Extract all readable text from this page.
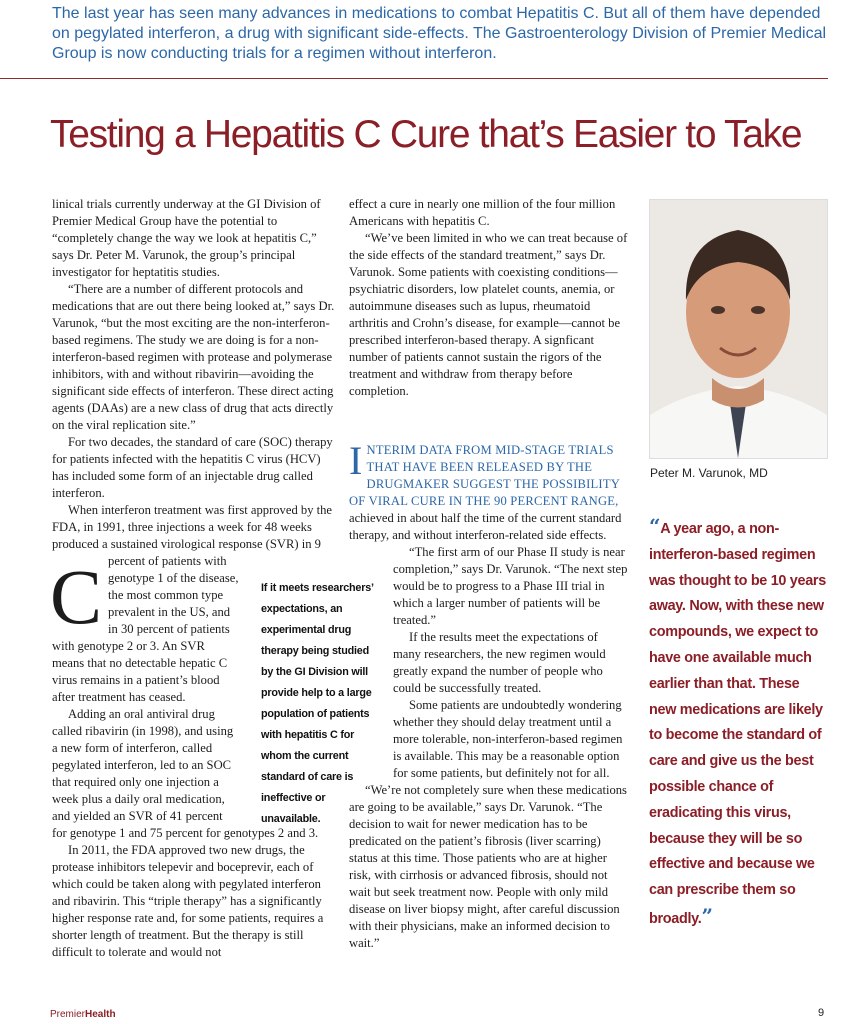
The last year has seen many advances in medications to combat Hepatitis C. But all of them have depended on pegylated interferon, a drug with significant side-effects. The Gastroenterology Division of Premier Medical Group is now conducting trials for a regimen without interferon.
Testing a Hepatitis C Cure that’s Easier to Take

C
linical trials currently underway at the GI Division of Premier Medical Group have the potential to “completely change the way we look at hepatitis C,” says Dr. Peter M. Varunok, the group’s principal investigator for heptatitis studies.

“There are a number of different protocols and medications that are out there being looked at,” says Dr. Varunok, “but the most exciting are the non-interferon-based regimens. The study we are doing is for a non-interferon-based regimen with protease and polymerase inhibitors, with and without ribavirin—avoiding the significant side effects of interferon. These direct acting agents (DAAs) are a new class of drug that acts directly on the viral replication site.”

For two decades, the standard of care (SOC) therapy for patients infected with the hepatitis C virus (HCV) has included some form of an injectable drug called interferon.

When interferon treatment was first approved by the FDA, in 1991, three injections a week for 48 weeks produced a sustained virological response (SVR) in 9 percent of patients with genotype 1 of the disease, the most common type prevalent in the US, and in 30 percent of patients with genotype 2 or 3. An SVR means that no detectable hepatic C virus remains in a patient’s blood after treatment has ceased.

Adding an oral antiviral drug called ribavirin (in 1998), and using a new form of interferon, called pegylated interferon, led to an SOC that required only one injection a week plus a daily oral medication, and yielded an SVR of 41 percent for genotype 1 and 75 percent for genotypes 2 and 3.

In 2011, the FDA approved two new drugs, the protease inhibitors telepevir and boceprevir, each of which could be taken along with pegylated interferon and ribavirin. This “triple therapy” has a significantly higher response rate and, for some patients, requires a shorter length of treatment. But the therapy is still difficult to tolerate and would not

If it meets researchers’ expectations, an experimental drug therapy being studied by the GI Division will provide help to a large population of patients with hepatitis C for whom the current standard of care is ineffective or unavailable.

effect a cure in nearly one million of the four million Americans with hepatitis C.

“We’ve been limited in who we can treat because of the side effects of the standard treatment,” says Dr. Varunok. Some patients with coexisting conditions—psychiatric disorders, low platelet counts, anemia, or autoimmune diseases such as lupus, rheumatoid arthritis and Crohn’s disease, for example—cannot be prescribed interferon-based therapy. A signficant number of patients cannot sustain the rigors of the treatment and withdraw from therapy before completion.

INTERIM DATA FROM MID-STAGE TRIALS THAT HAVE BEEN RELEASED BY THE DRUGMAKER SUGGEST THE POSSIBILITY OF VIRAL CURE IN THE 90 PERCENT RANGE,

achieved in about half the time of the current standard therapy, and without interferon-related side effects.

“The first arm of our Phase II study is near completion,” says Dr. Varunok. “The next step would be to progress to a Phase III trial in which a larger number of patients will be treated.”

If the results meet the expectations of many researchers, the new regimen would greatly expand the number of people who could be successfully treated.

Some patients are undoubtedly wondering whether they should delay treatment until a more tolerable, non-interferon-based regimen is available. This may be a reasonable option for some patients, but definitely not for all.

“We’re not completely sure when these medications are going to be available,” says Dr. Varunok. “The decision to wait for newer medication has to be predicated on the patient’s fibrosis (liver scarring) status at this time. Those patients who are at higher risk, with cirrhosis or advanced fibrosis, should not wait but seek treatment now. People with only mild disease on liver biopsy might, after careful discussion with their physicians, make an informed decision to wait.”

Peter M. Varunok, MD
“A year ago, a non-interferon-based regimen was thought to be 10 years away. Now, with these new compounds, we expect to have one available much earlier than that. These new medications are likely to become the standard of care and give us the best possible chance of eradicating this virus, because they will be so effective and because we can prescribe them so broadly.”
PremierHealth	9
